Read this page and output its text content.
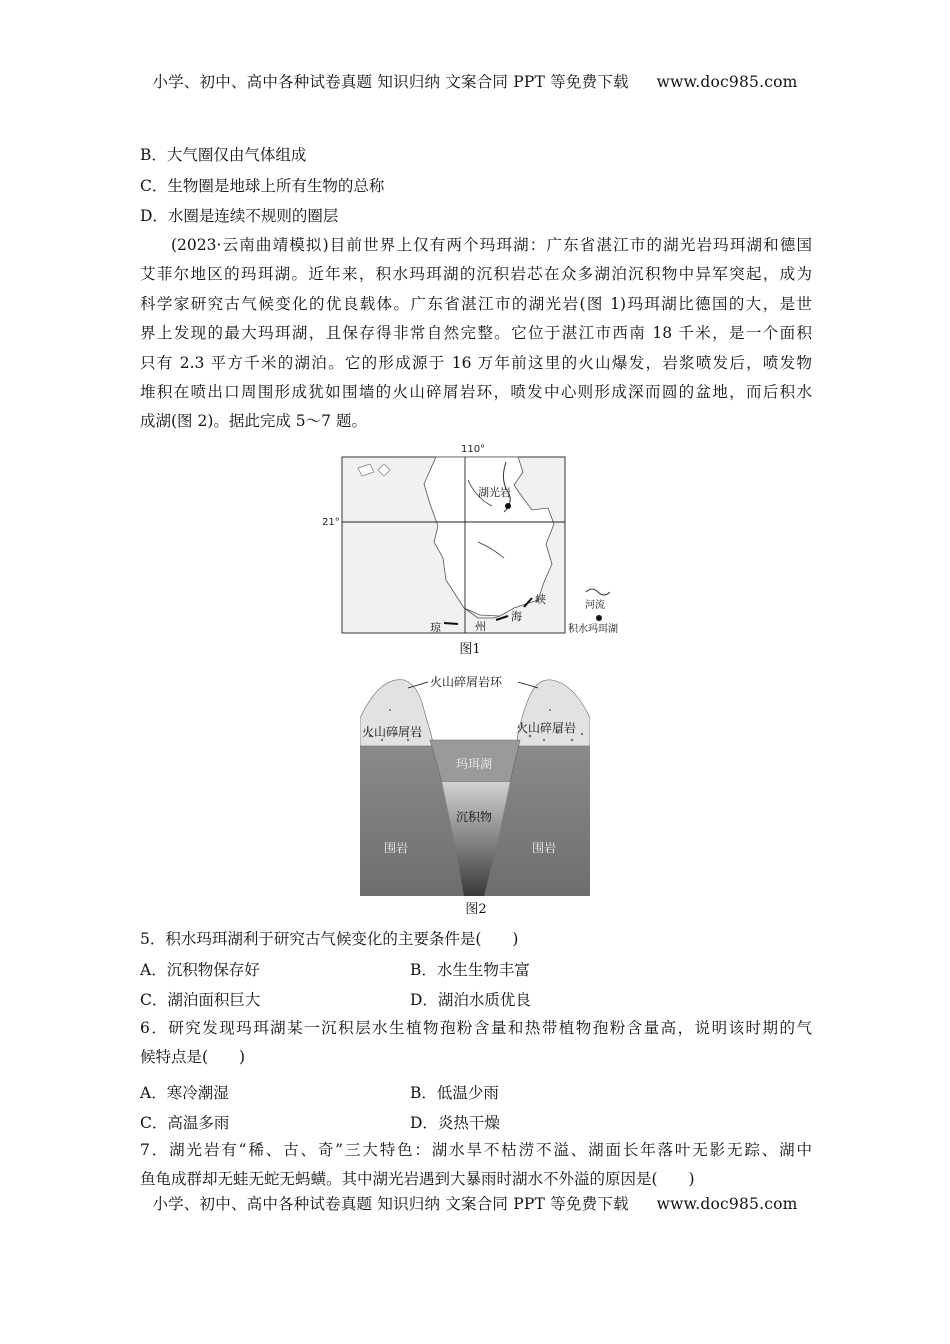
小学、初中、高中各种试卷真题 知识归纳 文案合同 PPT 等免费下载 www.doc985.com
B．大气圈仅由气体组成
C．生物圈是地球上所有生物的总称
D．水圈是连续不规则的圈层
(2023·云南曲靖模拟)目前世界上仅有两个玛珥湖：广东省湛江市的湖光岩玛珥湖和德国
艾菲尔地区的玛珥湖。近年来，积水玛珥湖的沉积岩芯在众多湖泊沉积物中异军突起，成为
科学家研究古气候变化的优良载体。广东省湛江市的湖光岩(图 1)玛珥湖比德国的大，是世
界上发现的最大玛珥湖，且保存得非常自然完整。它位于湛江市西南 18 千米，是一个面积
只有 2.3 平方千米的湖泊。它的形成源于 16 万年前这里的火山爆发，岩浆喷发后，喷发物
堆积在喷出口周围形成犹如围墙的火山碎屑岩环，喷发中心则形成深而圆的盆地，而后积水
成湖(图 2)。据此完成 5～7 题。
110°
21°
湖光岩
琼	州
海
峡	河流
积水玛珥湖
图1
火山碎屑岩环
火山碎屑岩	火山碎屑岩
玛珥湖
沉积物
围岩	围岩
图2
5．积水玛珥湖利于研究古气候变化的主要条件是(　　)
A．沉积物保存好	B．水生生物丰富
C．湖泊面积巨大	D．湖泊水质优良
6．研究发现玛珥湖某一沉积层水生植物孢粉含量和热带植物孢粉含量高，说明该时期的气
候特点是(　　)
A．寒冷潮湿	B．低温少雨
C．高温多雨	D．炎热干燥
7．湖光岩有“稀、古、奇”三大特色：湖水旱不枯涝不溢、湖面长年落叶无影无踪、湖中
鱼龟成群却无蛙无蛇无蚂蟥。其中湖光岩遇到大暴雨时湖水不外溢的原因是(　　)
小学、初中、高中各种试卷真题 知识归纳 文案合同 PPT 等免费下载 www.doc985.com
